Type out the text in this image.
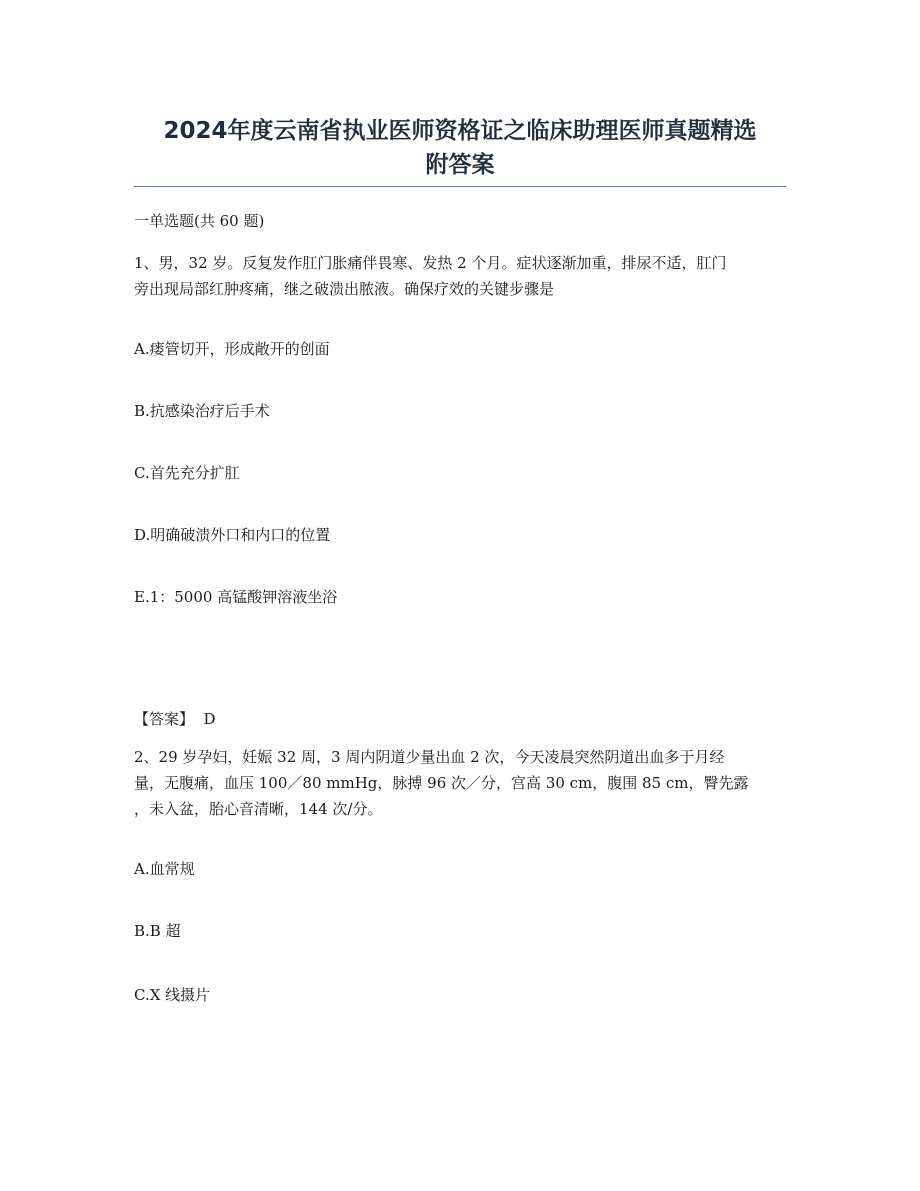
2024年度云南省执业医师资格证之临床助理医师真题精选
附答案
一单选题(共 60 题)
1、男，32 岁。反复发作肛门胀痛伴畏寒、发热 2 个月。症状逐渐加重，排尿不适，肛门
旁出现局部红肿疼痛，继之破溃出脓液。确保疗效的关键步骤是
A.瘘管切开，形成敞开的创面
B.抗感染治疗后手术
C.首先充分扩肛
D.明确破溃外口和内口的位置
E.1：5000 高锰酸钾溶液坐浴
【答案】  D
2、29 岁孕妇，妊娠 32 周，3 周内阴道少量出血 2 次，今天凌晨突然阴道出血多于月经
量，无腹痛，血压 100／80 mmHg，脉搏 96 次／分，宫高 30 cm，腹围 85 cm，臀先露
，未入盆，胎心音清晰，144 次/分。
A.血常规
B.B 超
C.X 线摄片
